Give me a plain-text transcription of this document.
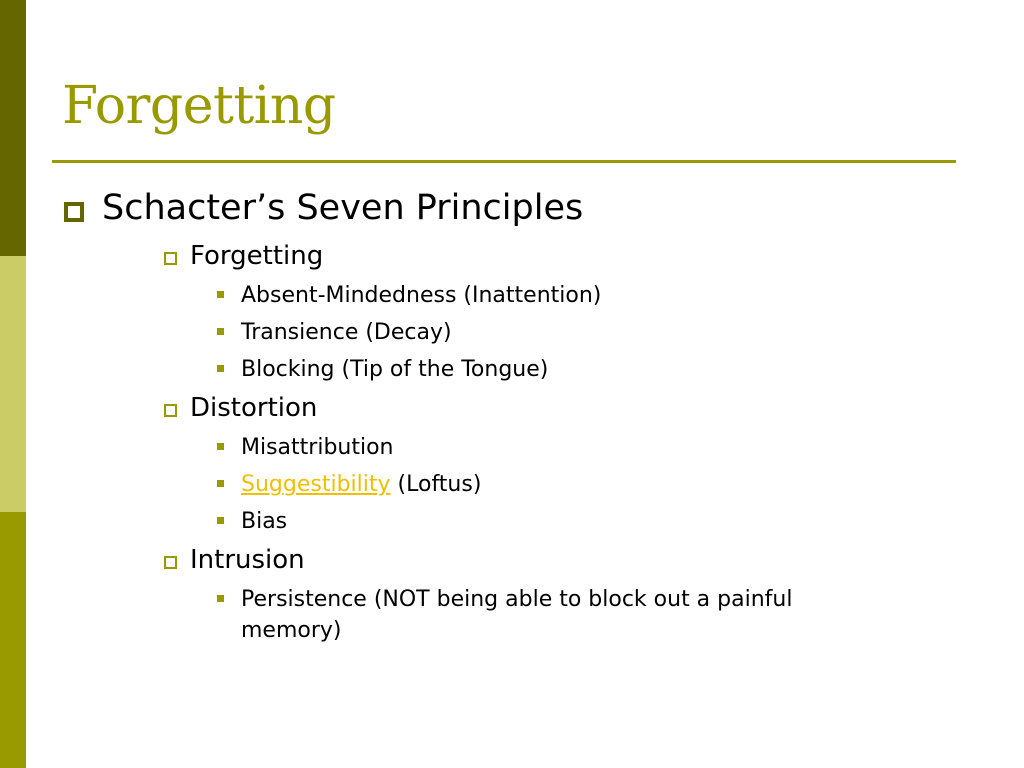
Forgetting
Schacter’s Seven Principles
Forgetting
Absent-Mindedness (Inattention)
Transience (Decay)
Blocking (Tip of the Tongue)
Distortion
Misattribution
Suggestibility (Loftus)
Bias
Intrusion
Persistence (NOT being able to block out a painful
memory)
